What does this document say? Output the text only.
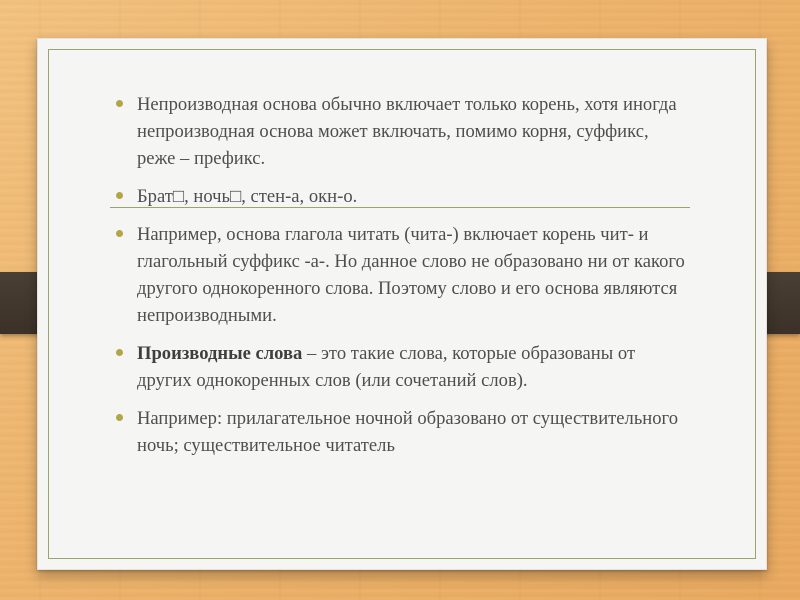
Непроизводная основа обычно включает только корень, хотя иногда непроизводная основа может включать, помимо корня, суффикс, реже – префикс.
Брат□, ночь□, стен-а, окн-о.
Например, основа глагола читать (чита-) включает корень чит- и глагольный суффикс -а-. Но данное слово не образовано ни от какого другого однокоренного слова. Поэтому слово и его основа являются непроизводными.
Производные слова – это такие слова, которые образованы от других однокоренных слов (или сочетаний слов).
Например: прилагательное ночной образовано от существительного ночь; существительное читатель
